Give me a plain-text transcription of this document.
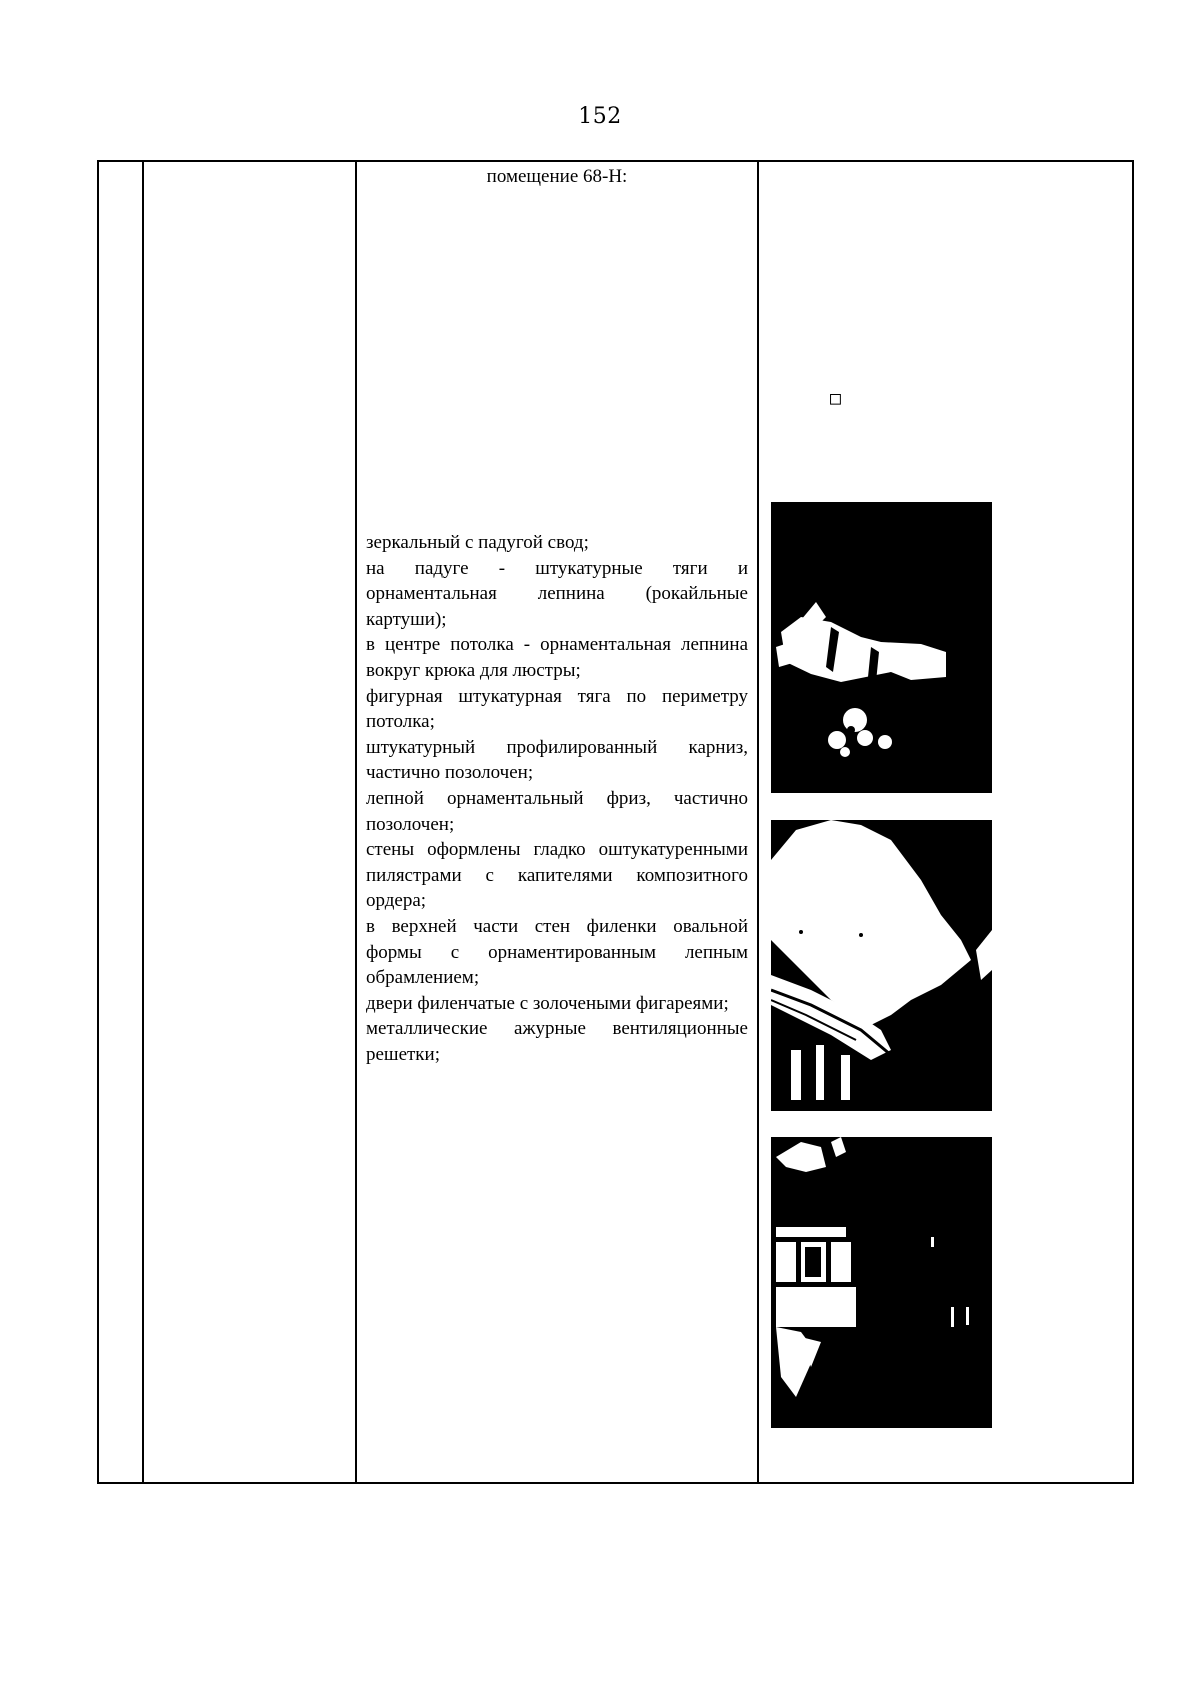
152
помещение 68-Н:

зеркальный с падугой свод;

на падуге - штукатурные тяги и орнаментальная лепнина (рокайльные картуши);

в центре потолка - орнаментальная лепнина вокруг крюка для люстры;

фигурная штукатурная тяга по периметру потолка;

штукатурный профилированный карниз, частично позолочен;

лепной орнаментальный фриз, частично позолочен;

стены оформлены гладко оштукатуренными пилястрами с капителями композитного ордера;

в верхней части стен филенки овальной формы с орнаментированным лепным обрамлением;

двери филенчатые с золочеными фигареями;

металлические ажурные вентиляционные решетки;

□
